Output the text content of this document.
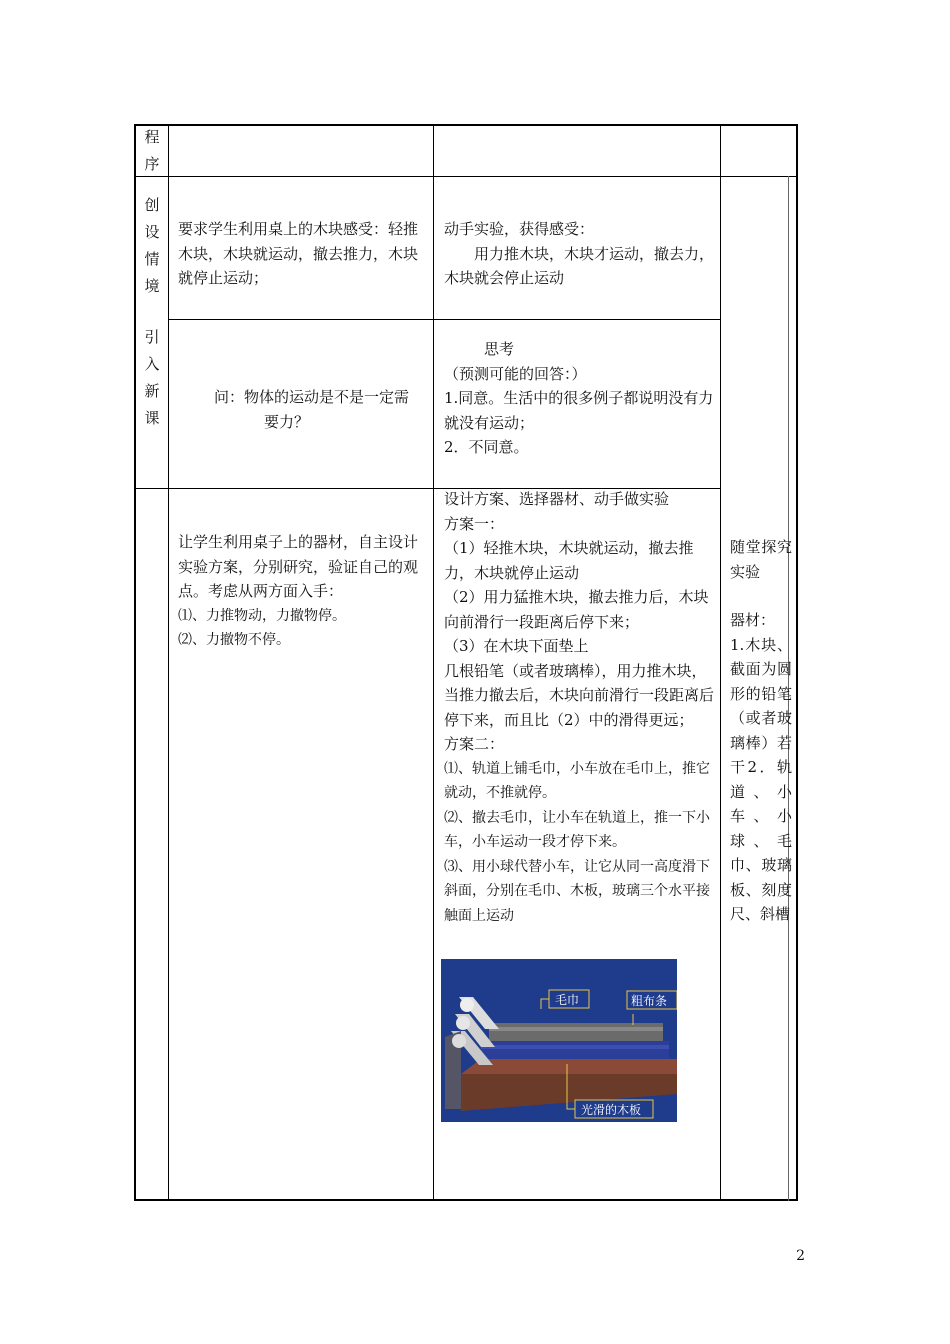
程
序
创
设
情
境
引
入
新
课
要求学生利用桌上的木块感受：轻推木块，木块就运动，撤去推力，木块就停止运动；
动手实验，获得感受：
用力推木块，木块才运动，撤去力，木块就会停止运动
问：物体的运动是不是一定需
要力？
思考
（预测可能的回答：）
1.同意。生活中的很多例子都说明没有力就没有运动；
2．不同意。
让学生利用桌子上的器材，自主设计实验方案，分别研究，验证自己的观点。考虑从两方面入手：
⑴、力推物动，力撤物停。
⑵、力撤物不停。
设计方案、选择器材、动手做实验
方案一：
（1）轻推木块，木块就运动，撤去推力，木块就停止运动
（2）用力猛推木块，撤去推力后，木块向前滑行一段距离后停下来；
（3）在木块下面垫上
几根铅笔（或者玻璃棒），用力推木块，当推力撤去后，木块向前滑行一段距离后停下来，而且比（2）中的滑得更远；
方案二：
⑴、轨道上铺毛巾，小车放在毛巾上，推它就动，不推就停。
⑵、撤去毛巾，让小车在轨道上，推一下小车，小车运动一段才停下来。
⑶、用小球代替小车，让它从同一高度滑下斜面，分别在毛巾、木板，玻璃三个水平接触面上运动
随堂探究实验
器材：
1.木块、截面为圆形的铅笔（或者玻璃棒）若干2．轨道、小车、小球、毛巾、玻璃板、刻度尺、斜槽
毛巾	粗布条
光滑的木板
2
